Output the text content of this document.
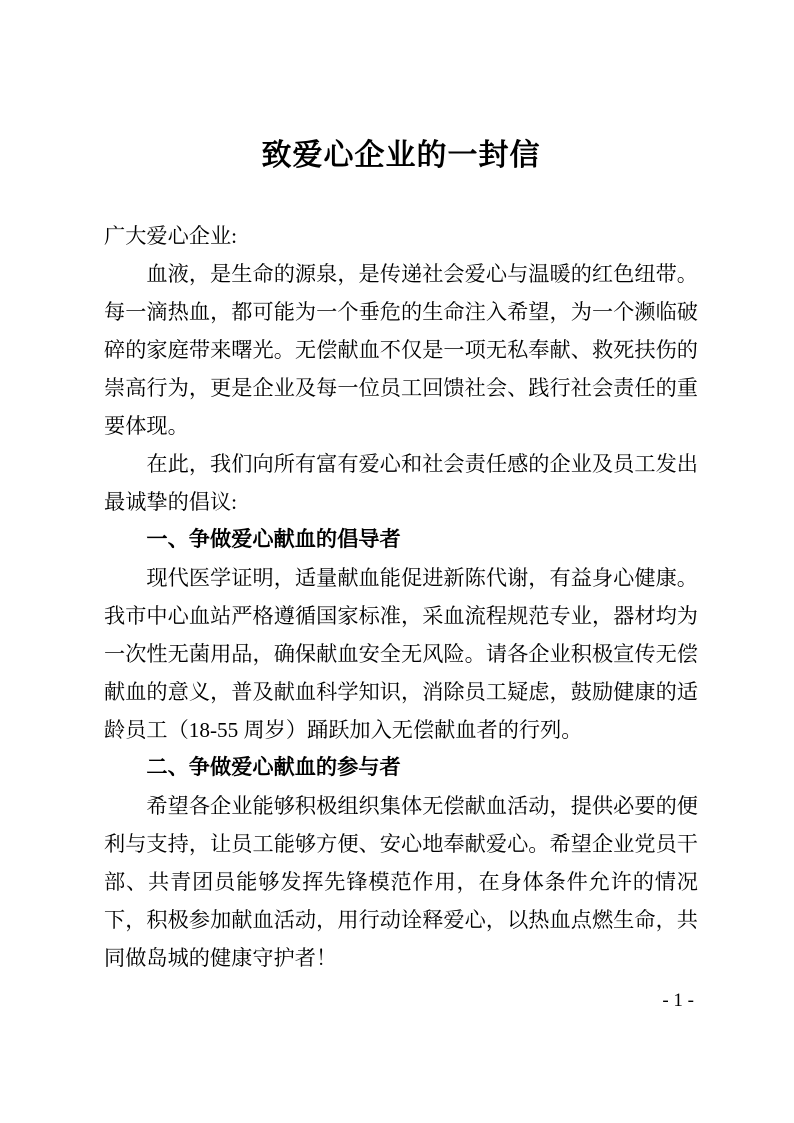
致爱心企业的一封信
广大爱心企业:

血液，是生命的源泉，是传递社会爱心与温暖的红色纽带。每一滴热血，都可能为一个垂危的生命注入希望，为一个濒临破碎的家庭带来曙光。无偿献血不仅是一项无私奉献、救死扶伤的崇高行为，更是企业及每一位员工回馈社会、践行社会责任的重要体现。

在此，我们向所有富有爱心和社会责任感的企业及员工发出最诚挚的倡议:

一、争做爱心献血的倡导者

现代医学证明，适量献血能促进新陈代谢，有益身心健康。我市中心血站严格遵循国家标准，采血流程规范专业，器材均为一次性无菌用品，确保献血安全无风险。请各企业积极宣传无偿献血的意义，普及献血科学知识，消除员工疑虑，鼓励健康的适龄员工（18-55 周岁）踊跃加入无偿献血者的行列。

二、争做爱心献血的参与者

希望各企业能够积极组织集体无偿献血活动，提供必要的便利与支持，让员工能够方便、安心地奉献爱心。希望企业党员干部、共青团员能够发挥先锋模范作用，在身体条件允许的情况下，积极参加献血活动，用行动诠释爱心，以热血点燃生命，共同做岛城的健康守护者！

- 1 -
